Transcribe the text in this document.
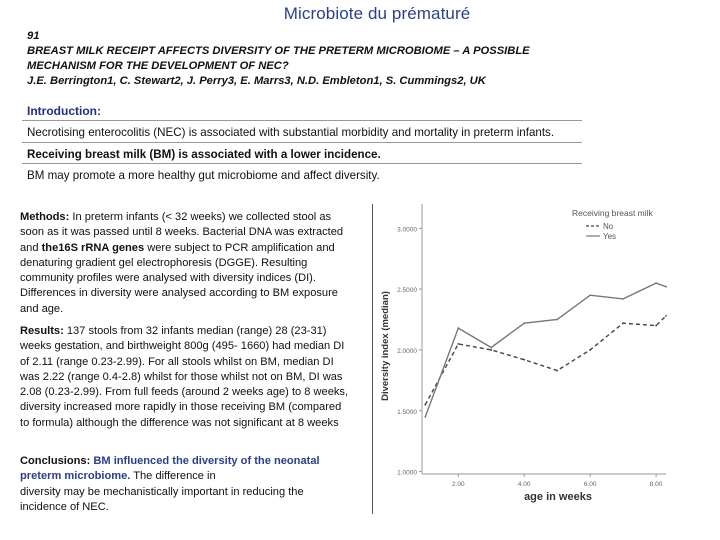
Microbiote du prématuré
91
BREAST MILK RECEIPT AFFECTS DIVERSITY OF THE PRETERM MICROBIOME – A POSSIBLE
MECHANISM FOR THE DEVELOPMENT OF NEC?
J.E. Berrington1, C. Stewart2, J. Perry3, E. Marrs3, N.D. Embleton1, S. Cummings2, UK
Introduction:
Necrotising enterocolitis (NEC) is associated with substantial morbidity and mortality in preterm infants.
Receiving breast milk (BM) is associated with a lower incidence.
BM may promote a more healthy gut microbiome and affect diversity.
Methods: In preterm infants (< 32 weeks) we collected stool as soon as it was passed until 8 weeks. Bacterial DNA was extracted and the16S rRNA genes were subject to PCR amplification and denaturing gradient gel electrophoresis (DGGE). Resulting community profiles were analysed with diversity indices (DI). Differences in diversity were analysed according to BM exposure and age.
Results: 137 stools from 32 infants median (range) 28 (23-31) weeks gestation, and birthweight 800g (495- 1660) had median DI of 2.11 (range 0.23-2.99). For all stools whilst on BM, median DI was 2.22 (range 0.4-2.8) whilst for those whilst not on BM, DI was 2.08 (0.23-2.99). From full feeds (around 2 weeks age) to 8 weeks, diversity increased more rapidly in those receiving BM (compared to formula) although the difference was not significant at 8 weeks
Conclusions: BM influenced the diversity of the neonatal preterm microbiome. The difference in
diversity may be mechanistically important in reducing the incidence of NEC.
1.0000
1.5000
2.0000
2.5000
3.0000
2.00	4.00	6.00	8.00
Diversity index (median)
age in weeks
Receiving breast milk
No
Yes
